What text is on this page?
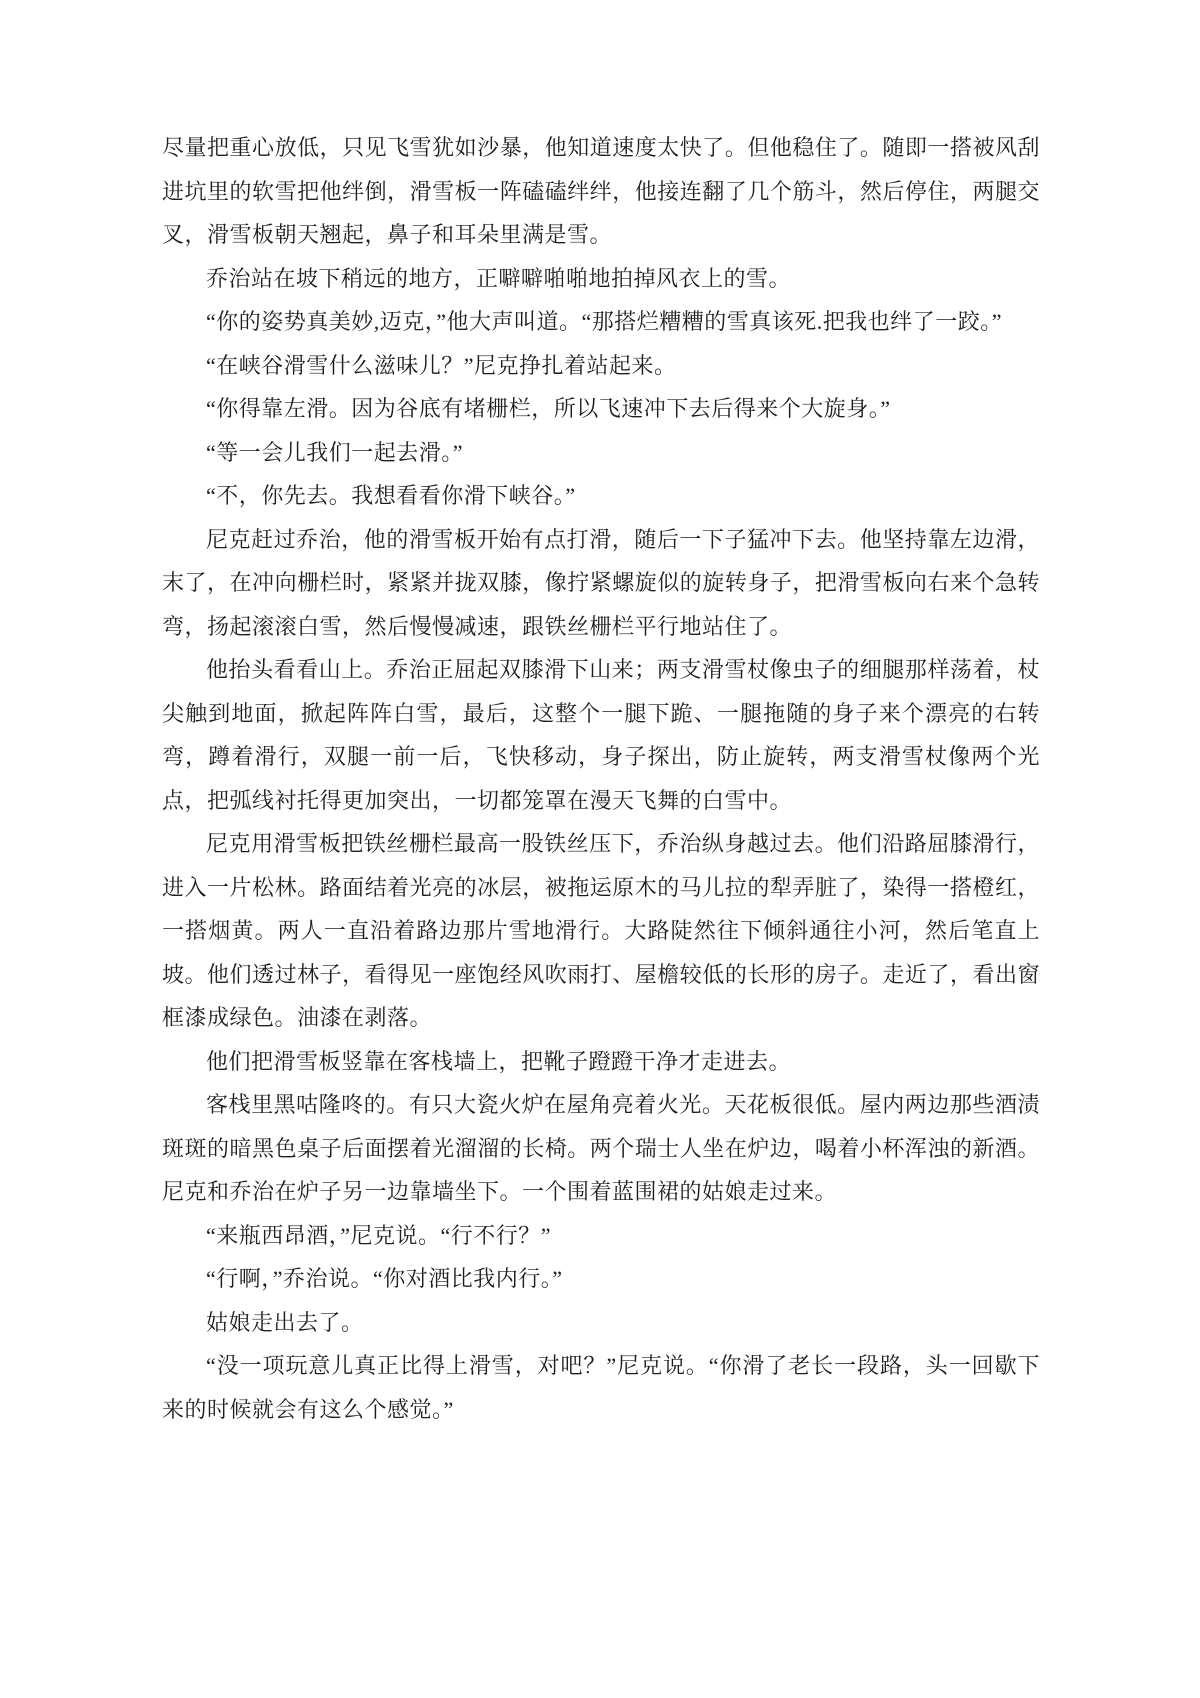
尽量把重心放低，只见飞雪犹如沙暴，他知道速度太快了。但他稳住了。随即一搭被风刮进坑里的软雪把他绊倒，滑雪板一阵磕磕绊绊，他接连翻了几个筋斗，然后停住，两腿交叉，滑雪板朝天翘起，鼻子和耳朵里满是雪。

乔治站在坡下稍远的地方，正噼噼啪啪地拍掉风衣上的雪。

“你的姿势真美妙,迈克，”他大声叫道。“那搭烂糟糟的雪真该死.把我也绊了一跤。”

“在峡谷滑雪什么滋味儿？”尼克挣扎着站起来。

“你得靠左滑。因为谷底有堵栅栏，所以飞速冲下去后得来个大旋身。”

“等一会儿我们一起去滑。”

“不，你先去。我想看看你滑下峡谷。”

尼克赶过乔治，他的滑雪板开始有点打滑，随后一下子猛冲下去。他坚持靠左边滑，末了，在冲向栅栏时，紧紧并拢双膝，像拧紧螺旋似的旋转身子，把滑雪板向右来个急转弯，扬起滚滚白雪，然后慢慢减速，跟铁丝栅栏平行地站住了。

他抬头看看山上。乔治正屈起双膝滑下山来；两支滑雪杖像虫子的细腿那样荡着，杖尖触到地面，掀起阵阵白雪，最后，这整个一腿下跪、一腿拖随的身子来个漂亮的右转弯，蹲着滑行，双腿一前一后，飞快移动，身子探出，防止旋转，两支滑雪杖像两个光点，把弧线衬托得更加突出，一切都笼罩在漫天飞舞的白雪中。

尼克用滑雪板把铁丝栅栏最高一股铁丝压下，乔治纵身越过去。他们沿路屈膝滑行，进入一片松林。路面结着光亮的冰层，被拖运原木的马儿拉的犁弄脏了，染得一搭橙红，一搭烟黄。两人一直沿着路边那片雪地滑行。大路陡然往下倾斜通往小河，然后笔直上坡。他们透过林子，看得见一座饱经风吹雨打、屋檐较低的长形的房子。走近了，看出窗框漆成绿色。油漆在剥落。

他们把滑雪板竖靠在客栈墙上，把靴子蹬蹬干净才走进去。

客栈里黑咕隆咚的。有只大瓷火炉在屋角亮着火光。天花板很低。屋内两边那些酒渍斑斑的暗黑色桌子后面摆着光溜溜的长椅。两个瑞士人坐在炉边，喝着小杯浑浊的新酒。尼克和乔治在炉子另一边靠墙坐下。一个围着蓝围裙的姑娘走过来。

“来瓶西昂酒，”尼克说。“行不行？”

“行啊，”乔治说。“你对酒比我内行。”

姑娘走出去了。

“没一项玩意儿真正比得上滑雪，对吧？”尼克说。“你滑了老长一段路，头一回歇下来的时候就会有这么个感觉。”
